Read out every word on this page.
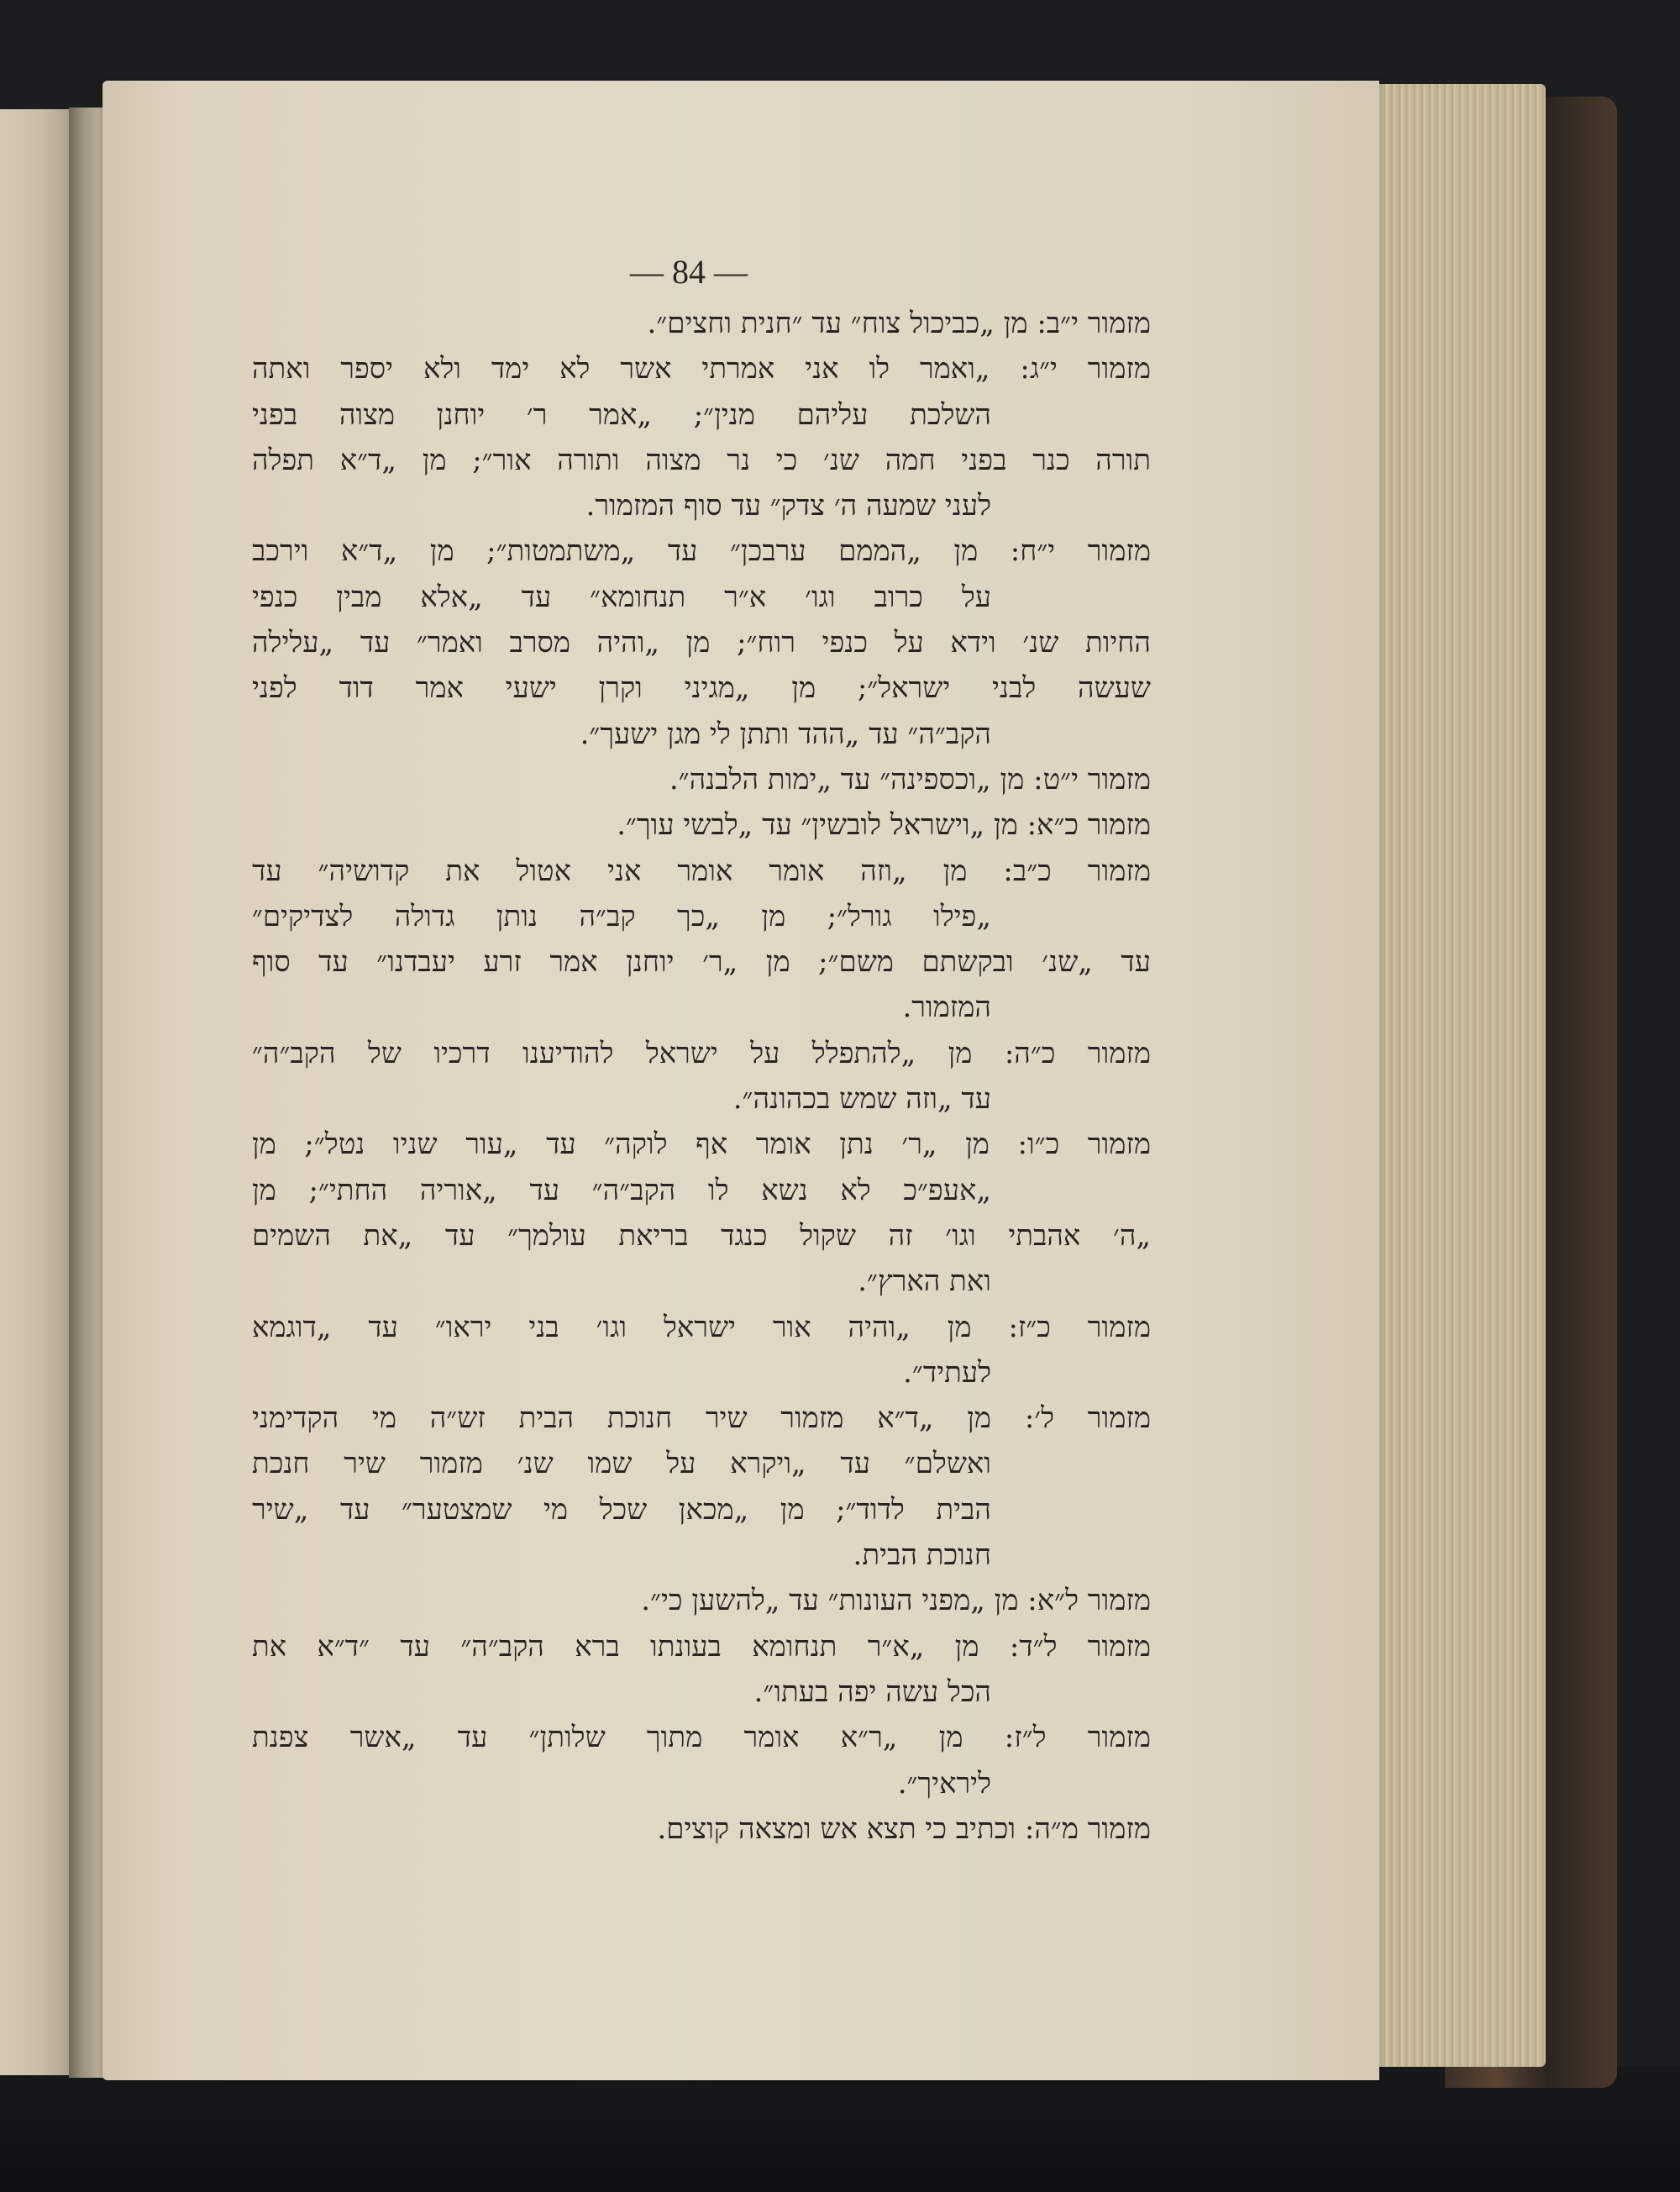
— 84 —
מזמור י״ב: מן „כביכול צוח״ עד ״חנית וחצים״.
מזמור י״ג: „ואמר לו אני אמרתי אשר לא ימד ולא יספר ואתה
השלכת עליהם מנין״; „אמר ר׳ יוחנן מצוה בפני
תורה כנר בפני חמה שנ׳ כי נר מצוה ותורה אור״; מן „ד״א תפלה
לעני שמעה ה׳ צדק״ עד סוף המזמור.
מזמור י״ח: מן „הממם ערבכן״ עד „משתמטות״; מן „ד״א וירכב
על כרוב וגו׳ א״ר תנחומא״ עד „אלא מבין כנפי
החיות שנ׳ וידא על כנפי רוח״; מן „והיה מסרב ואמר״ עד „עלילה
שעשה לבני ישראל״; מן „מגיני וקרן ישעי אמר דוד לפני
הקב״ה״ עד „ההד ותתן לי מגן ישעך״.
מזמור י״ט: מן „וכספינה״ עד „ימות הלבנה״.
מזמור כ״א: מן „וישראל לובשין״ עד „לבשי עוך״.
מזמור כ״ב: מן „וזה אומר אומר אני אטול את קדושיה״ עד
„פילו גורל״; מן „כך קב״ה נותן גדולה לצדיקים״
עד „שנ׳ ובקשתם משם״; מן „ר׳ יוחנן אמר זרע יעבדנו״ עד סוף
המזמור.
מזמור כ״ה: מן „להתפלל על ישראל להודיענו דרכיו של הקב״ה״
עד „וזה שמש בכהונה״.
מזמור כ״ו: מן „ר׳ נתן אומר אף לוקה״ עד „עור שניו נטל״; מן
„אעפ״כ לא נשא לו הקב״ה״ עד „אוריה החתי״; מן
„ה׳ אהבתי וגו׳ זה שקול כנגד בריאת עולמך״ עד „את השמים
ואת הארץ״.
מזמור כ״ז: מן „והיה אור ישראל וגו׳ בני יראו״ עד „דוגמא
לעתיד״.
מזמור ל׳: מן „ד״א מזמור שיר חנוכת הבית זש״ה מי הקדימני
ואשלם״ עד „ויקרא על שמו שנ׳ מזמור שיר חנכת
הבית לדוד״; מן „מכאן שכל מי שמצטער״ עד „שיר
חנוכת הבית.
מזמור ל״א: מן „מפני העונות״ עד „להשען כי״.
מזמור ל״ד: מן „א״ר תנחומא בעונתו ברא הקב״ה״ עד ״ד״א את
הכל עשה יפה בעתו״.
מזמור ל״ז: מן „ר״א אומר מתוך שלותן״ עד „אשר צפנת
ליראיך״.
מזמור מ״ה: וכתיב כי תצא אש ומצאה קוצים.
